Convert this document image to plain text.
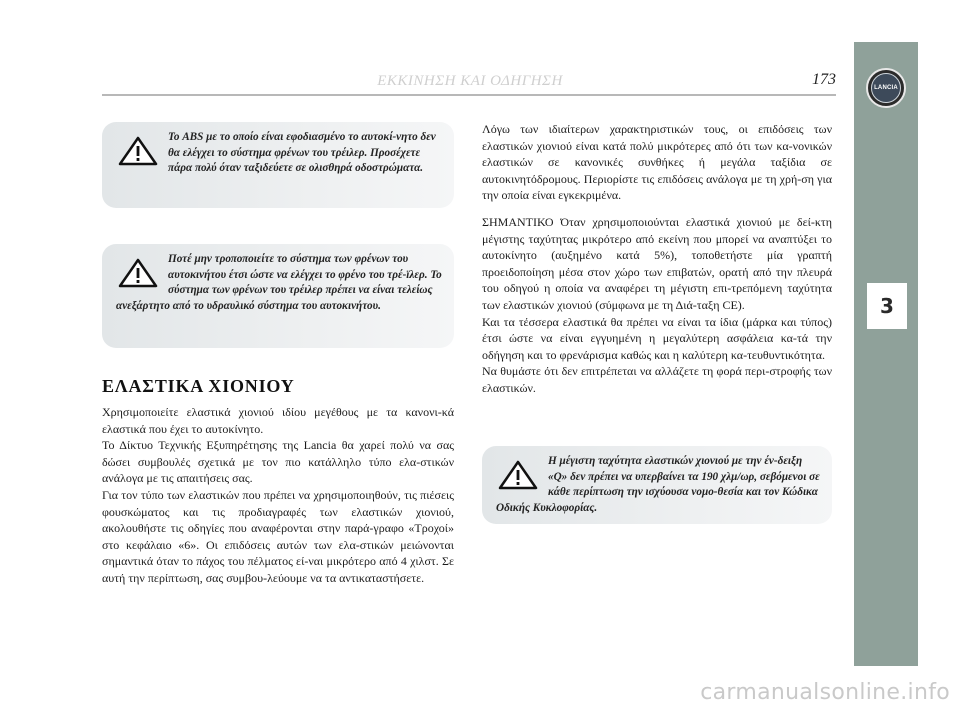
LANCIA
3
ΕΚΚΙΝΗΣΗ ΚΑΙ ΟΔΗΓΗΣΗ	173
Το ABS με το οποίο είναι εφοδιασμένο το αυτοκί-νητο δεν θα ελέγχει το σύστημα φρένων του τρέιλερ. Προσέχετε πάρα πολύ όταν ταξιδεύετε σε ολισθηρά οδοστρώματα.
Ποτέ μην τροποποιείτε το σύστημα των φρένων του αυτοκινήτου έτσι ώστε να ελέγχει το φρένο του τρέ-ϊλερ. Το σύστημα των φρένων του τρέιλερ πρέπει να είναι τελείως ανεξάρτητο από το υδραυλικό σύστημα του αυτοκινήτου.
ΕΛΑΣΤΙΚΑ ΧΙΟΝΙΟΥ

Χρησιμοποιείτε ελαστικά χιονιού ιδίου μεγέθους με τα κανονι-κά ελαστικά που έχει το αυτοκίνητο.

Το Δίκτυο Τεχνικής Εξυπηρέτησης της Lancia θα χαρεί πολύ να σας δώσει συμβουλές σχετικά με τον πιο κατάλληλο τύπο ελα-στικών ανάλογα με τις απαιτήσεις σας.

Για τον τύπο των ελαστικών που πρέπει να χρησιμοποιηθούν, τις πιέσεις φουσκώματος και τις προδιαγραφές των ελαστικών χιονιού, ακολουθήστε τις οδηγίες που αναφέρονται στην παρά-γραφο «Τροχοί» στο κεφάλαιο «6». Οι επιδόσεις αυτών των ελα-στικών μειώνονται σημαντικά όταν το πάχος του πέλματος εί-ναι μικρότερο από 4 χιλστ. Σε αυτή την περίπτωση, σας συμβου-λεύουμε να τα αντικαταστήσετε.

Λόγω των ιδιαίτερων χαρακτηριστικών τους, οι επιδόσεις των ελαστικών χιονιού είναι κατά πολύ μικρότερες από ότι των κα-νονικών ελαστικών σε κανονικές συνθήκες ή μεγάλα ταξίδια σε αυτοκινητόδρομους. Περιορίστε τις επιδόσεις ανάλογα με τη χρή-ση για την οποία είναι εγκεκριμένα.

ΣΗΜΑΝΤΙΚΟ Όταν χρησιμοποιούνται ελαστικά χιονιού με δεί-κτη μέγιστης ταχύτητας μικρότερο από εκείνη που μπορεί να αναπτύξει το αυτοκίνητο (αυξημένο κατά 5%), τοποθετήστε μία γραπτή προειδοποίηση μέσα στον χώρο των επιβατών, ορατή από την πλευρά του οδηγού η οποία να αναφέρει τη μέγιστη επι-τρεπόμενη ταχύτητα των ελαστικών χιονιού (σύμφωνα με τη Διά-ταξη CE).

Και τα τέσσερα ελαστικά θα πρέπει να είναι τα ίδια (μάρκα και τύπος) έτσι ώστε να είναι εγγυημένη η μεγαλύτερη ασφάλεια κα-τά την οδήγηση και το φρενάρισμα καθώς και η καλύτερη κα-τευθυντικότητα.

Να θυμάστε ότι δεν επιτρέπεται να αλλάζετε τη φορά περι-στροφής των ελαστικών.

Η μέγιστη ταχύτητα ελαστικών χιονιού με την έν-δειξη «Q» δεν πρέπει να υπερβαίνει τα 190 χλμ/ωρ, σεβόμενοι σε κάθε περίπτωση την ισχύουσα νομο-θεσία και τον Κώδικα Οδικής Κυκλοφορίας.
carmanualsonline.info
